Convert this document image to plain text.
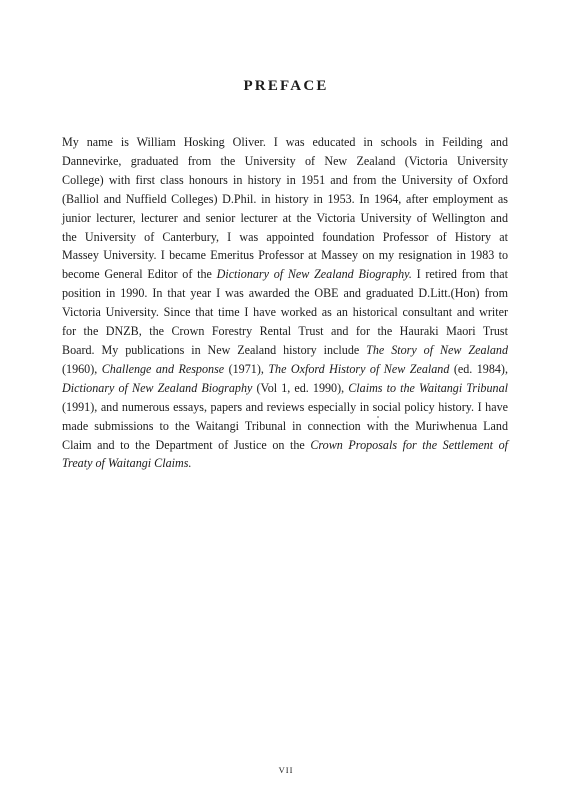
PREFACE
My name is William Hosking Oliver. I was educated in schools in Feilding and
Dannevirke, graduated from the University of New Zealand (Victoria University
College) with first class honours in history in 1951 and from the University of Oxford
(Balliol and Nuffield Colleges) D.Phil. in history in 1953. In 1964, after employment as
junior lecturer, lecturer and senior lecturer at the Victoria University of Wellington and
the University of Canterbury, I was appointed foundation Professor of History at
Massey University. I became Emeritus Professor at Massey on my resignation in 1983 to
become General Editor of the Dictionary of New Zealand Biography. I retired from that
position in 1990. In that year I was awarded the OBE and graduated D.Litt.(Hon) from
Victoria University. Since that time I have worked as an historical consultant and writer
for the DNZB, the Crown Forestry Rental Trust and for the Hauraki Maori Trust
Board. My publications in New Zealand history include The Story of New Zealand
(1960), Challenge and Response (1971), The Oxford History of New Zealand (ed. 1984),
Dictionary of New Zealand Biography (Vol 1, ed. 1990), Claims to the Waitangi Tribunal
(1991), and numerous essays, papers and reviews especially in social policy history. I have
made submissions to the Waitangi Tribunal in connection with the Muriwhenua Land
Claim and to the Department of Justice on the Crown Proposals for the Settlement of
Treaty of Waitangi Claims.
VII
